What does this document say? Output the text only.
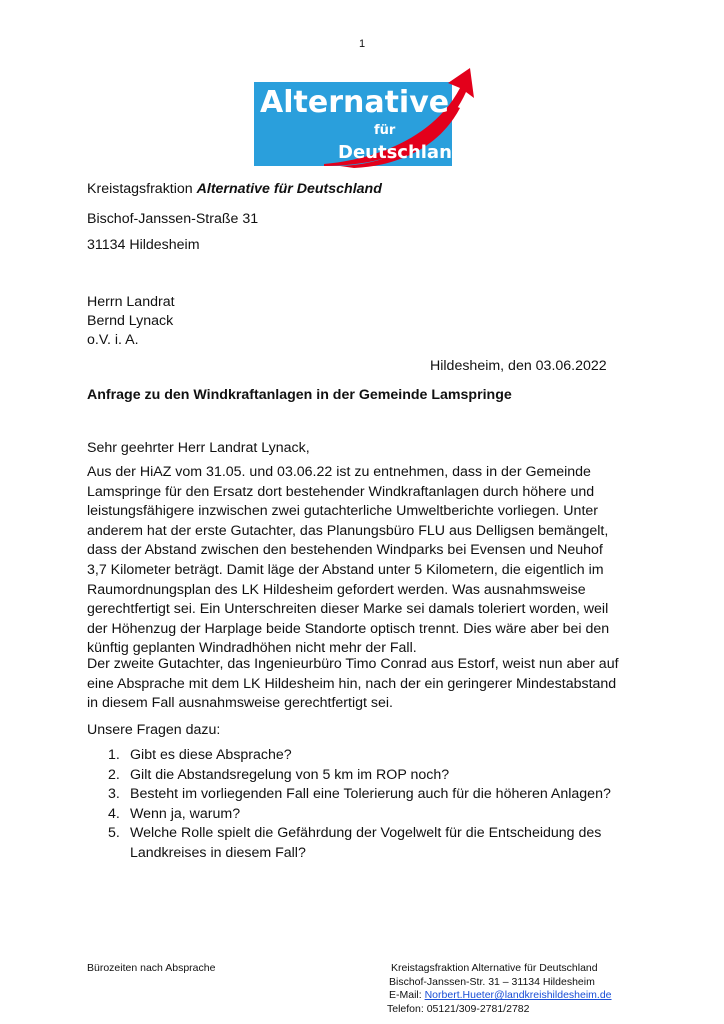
1
Alternative
für
Deutschland
Kreistagsfraktion Alternative für Deutschland
Bischof-Janssen-Straße 31
31134 Hildesheim
Herrn Landrat
Bernd Lynack
o.V. i. A.
Hildesheim, den 03.06.2022
Anfrage zu den Windkraftanlagen in der Gemeinde Lamspringe
Sehr geehrter Herr Landrat Lynack,
Aus der HiAZ vom 31.05. und 03.06.22 ist zu entnehmen, dass in der Gemeinde
Lamspringe für den Ersatz dort bestehender Windkraftanlagen durch höhere und
leistungsfähigere inzwischen zwei gutachterliche Umweltberichte vorliegen. Unter
anderem hat der erste Gutachter, das Planungsbüro FLU aus Delligsen bemängelt,
dass der Abstand zwischen den bestehenden Windparks bei Evensen und Neuhof
3,7 Kilometer beträgt. Damit läge der Abstand unter 5 Kilometern, die eigentlich im
Raumordnungsplan des LK Hildesheim gefordert werden. Was ausnahmsweise
gerechtfertigt sei. Ein Unterschreiten dieser Marke sei damals toleriert worden, weil
der Höhenzug der Harplage beide Standorte optisch trennt. Dies wäre aber bei den
künftig geplanten Windradhöhen nicht mehr der Fall.
Der zweite Gutachter, das Ingenieurbüro Timo Conrad aus Estorf, weist nun aber auf
eine Absprache mit dem LK Hildesheim hin, nach der ein geringerer Mindestabstand
in diesem Fall ausnahmsweise gerechtfertigt sei.
Unsere Fragen dazu:
1. Gibt es diese Absprache?
2. Gilt die Abstandsregelung von 5 km im ROP noch?
3. Besteht im vorliegenden Fall eine Tolerierung auch für die höheren Anlagen?
4. Wenn ja, warum?
5. Welche Rolle spielt die Gefährdung der Vogelwelt für die Entscheidung des
Landkreises in diesem Fall?
Bürozeiten nach Absprache	Kreistagsfraktion Alternative für Deutschland
Bischof-Janssen-Str. 31 – 31134 Hildesheim
E-Mail: Norbert.Hueter@landkreishildesheim.de
Telefon: 05121/309-2781/2782
